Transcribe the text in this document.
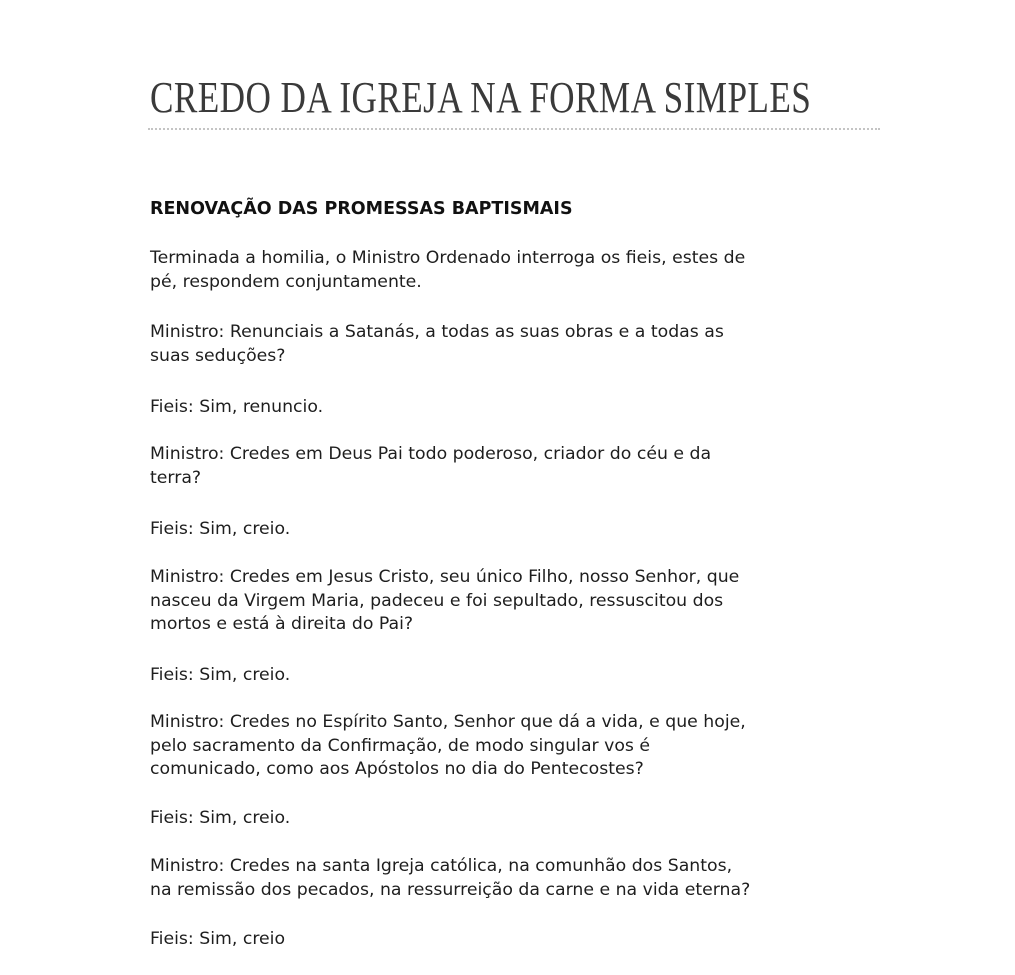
CREDO DA IGREJA NA FORMA SIMPLES
RENOVAÇÃO DAS PROMESSAS BAPTISMAIS
Terminada a homilia, o Ministro Ordenado interroga os fieis, estes de
pé, respondem conjuntamente.
Ministro: Renunciais a Satanás, a todas as suas obras e a todas as
suas seduções?
Fieis: Sim, renuncio.
Ministro: Credes em Deus Pai todo poderoso, criador do céu e da
terra?
Fieis: Sim, creio.
Ministro: Credes em Jesus Cristo, seu único Filho, nosso Senhor, que
nasceu da Virgem Maria, padeceu e foi sepultado, ressuscitou dos
mortos e está à direita do Pai?
Fieis: Sim, creio.
Ministro: Credes no Espírito Santo, Senhor que dá a vida, e que hoje,
pelo sacramento da Confirmação, de modo singular vos é
comunicado, como aos Apóstolos no dia do Pentecostes?
Fieis: Sim, creio.
Ministro: Credes na santa Igreja católica, na comunhão dos Santos,
na remissão dos pecados, na ressurreição da carne e na vida eterna?
Fieis: Sim, creio
